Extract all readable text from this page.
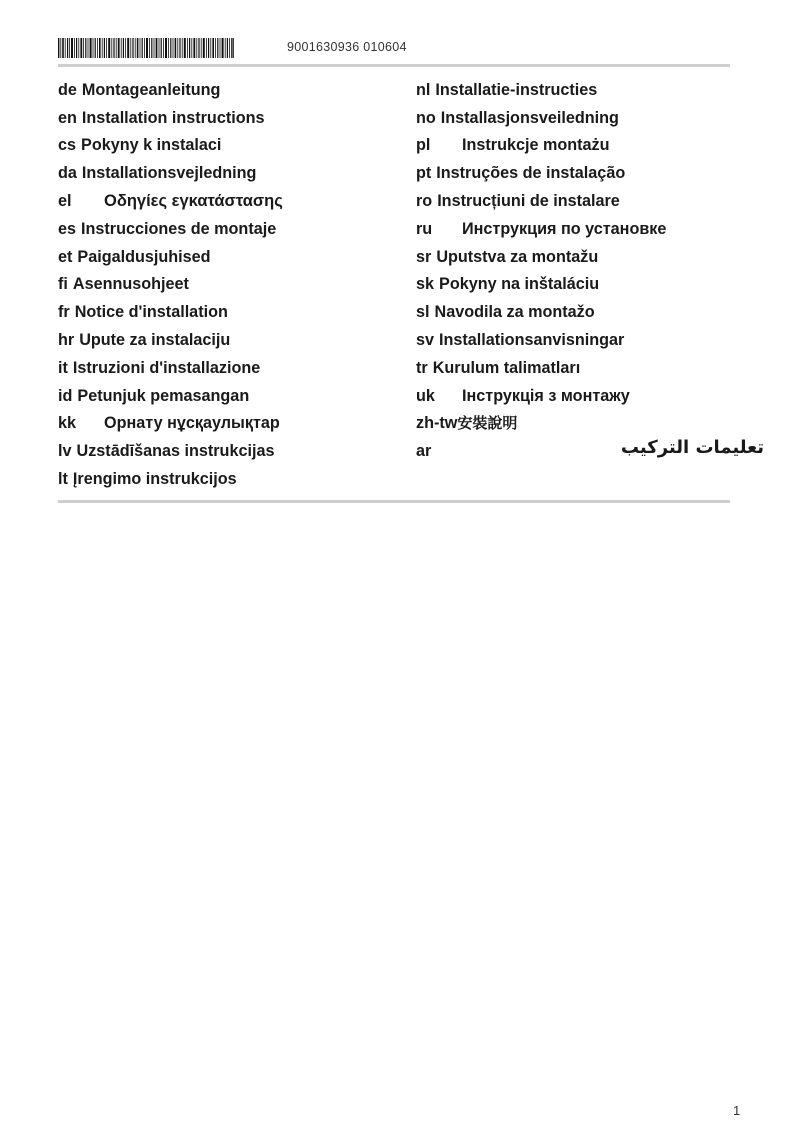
9001630936 010604
de Montageanleitung
en Installation instructions
cs Pokyny k instalaci
da Installationsvejledning
el	Οδηγίες εγκατάστασης
es Instrucciones de montaje
et Paigaldusjuhised
fi Asennusohjeet
fr Notice d'installation
hr Upute za instalaciju
it Istruzioni d'installazione
id Petunjuk pemasangan
kk	Орнату нұсқаулықтар
lv Uzstādīšanas instrukcijas
lt Įrengimo instrukcijos
nl Installatie-instructies
no Installasjonsveiledning
pl	Instrukcje montażu
pt Instruções de instalação
ro Instrucțiuni de instalare
ru	Инструкция по установке
sr Uputstva za montažu
sk Pokyny na inštaláciu
sl Navodila za montažo
sv Installationsanvisningar
tr Kurulum talimatları
uk	Інструкція з монтажу
zh-tw 安裝說明
ar	تعليمات التركيب
1
